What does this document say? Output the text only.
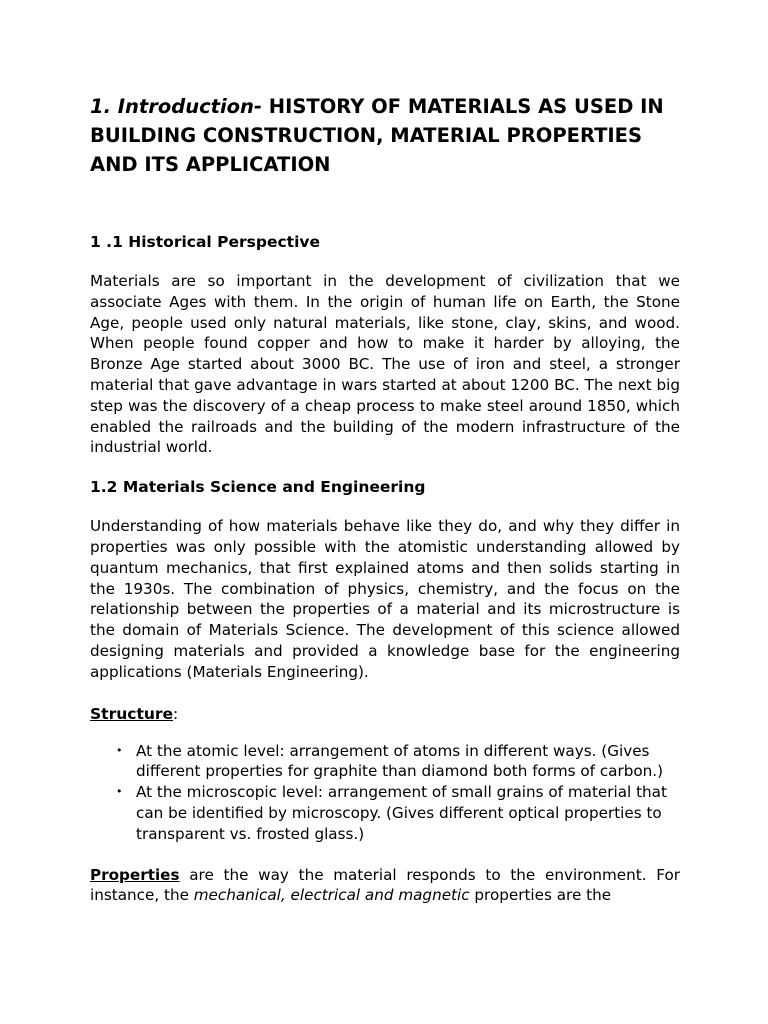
1. Introduction- HISTORY OF MATERIALS AS USED IN BUILDING CONSTRUCTION, MATERIAL PROPERTIES AND ITS APPLICATION
1 .1 Historical Perspective

Materials are so important in the development of civilization that we associate Ages with them. In the origin of human life on Earth, the Stone Age, people used only natural materials, like stone, clay, skins, and wood. When people found copper and how to make it harder by alloying, the Bronze Age started about 3000 BC. The use of iron and steel, a stronger material that gave advantage in wars started at about 1200 BC. The next big step was the discovery of a cheap process to make steel around 1850, which enabled the railroads and the building of the modern infrastructure of the industrial world.

1.2 Materials Science and Engineering

Understanding of how materials behave like they do, and why they differ in properties was only possible with the atomistic understanding allowed by quantum mechanics, that first explained atoms and then solids starting in the 1930s. The combination of physics, chemistry, and the focus on the relationship between the properties of a material and its microstructure is the domain of Materials Science. The development of this science allowed designing materials and provided a knowledge base for the engineering applications (Materials Engineering).

Structure:
• At the atomic level: arrangement of atoms in different ways. (Gives different properties for graphite than diamond both forms of carbon.)
• At the microscopic level: arrangement of small grains of material that can be identified by microscopy. (Gives different optical properties to transparent vs. frosted glass.)

Properties are the way the material responds to the environment. For instance, the mechanical, electrical and magnetic properties are the
